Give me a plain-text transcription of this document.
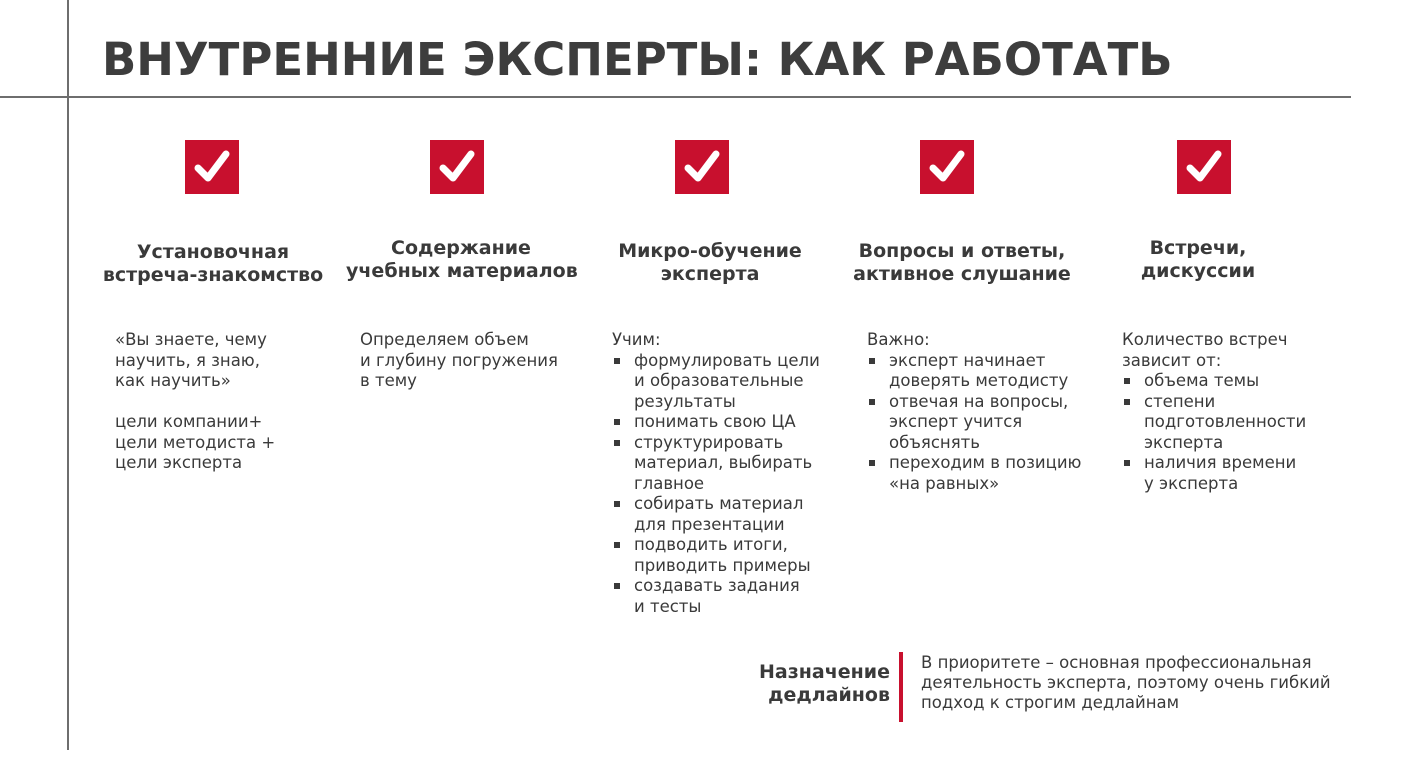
ВНУТРЕННИЕ ЭКСПЕРТЫ: КАК РАБОТАТЬ
Установочная
встреча-знакомство
Содержание
учебных материалов
Микро-обучение
эксперта
Вопросы и ответы,
активное слушание
Встречи,
дискуссии
«Вы знаете, чему
научить, я знаю,
как научить»
цели компании+
цели методиста +
цели эксперта
Определяем объем
и глубину погружения
в тему
Учим:
формулировать цели
и образовательные
результаты
понимать свою ЦА
структурировать
материал, выбирать
главное
собирать материал
для презентации
подводить итоги,
приводить примеры
создавать задания
и тесты
Важно:
эксперт начинает
доверять методисту
отвечая на вопросы,
эксперт учится
объяснять
переходим в позицию
«на равных»
Количество встреч
зависит от:
объема темы
степени
подготовленности
эксперта
наличия времени
у эксперта
Назначение
дедлайнов
В приоритете – основная профессиональная
деятельность эксперта, поэтому очень гибкий
подход к строгим дедлайнам
